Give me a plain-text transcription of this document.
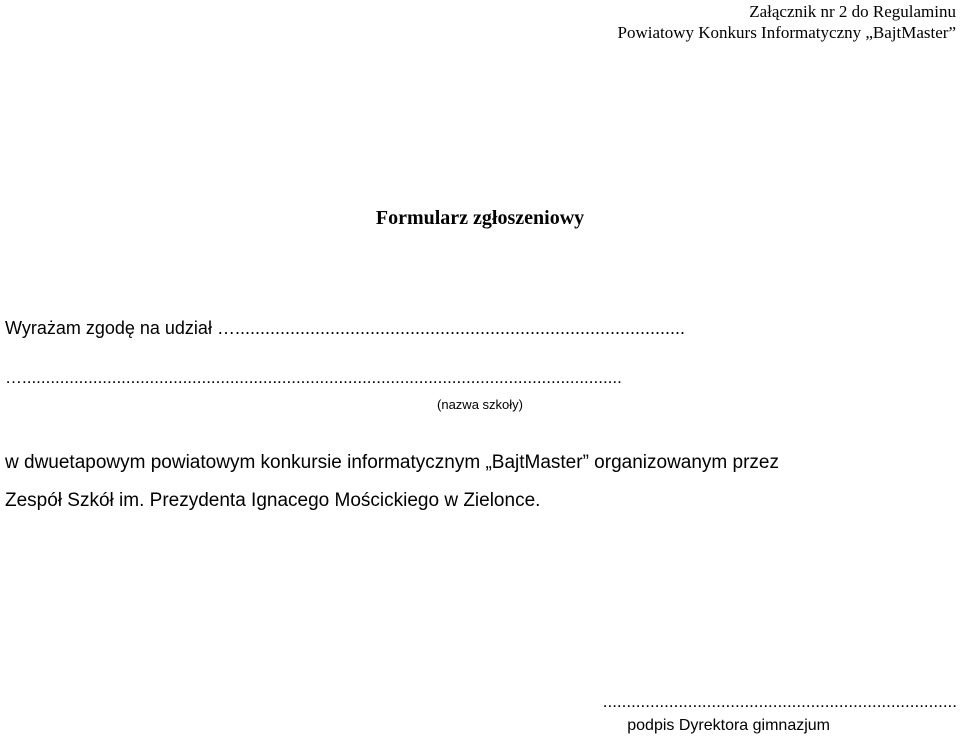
Załącznik nr 2 do Regulaminu
Powiatowy Konkurs Informatyczny „BajtMaster”
Formularz zgłoszeniowy
Wyrażam zgodę na udział …..........................................................................................
…...............................................................................................................................
(nazwa szkoły)
w dwuetapowym powiatowym konkursie informatycznym „BajtMaster” organizowanym przez
Zespół Szkół im. Prezydenta Ignacego Mościckiego w Zielonce.
...........................................................................
podpis Dyrektora gimnazjum
